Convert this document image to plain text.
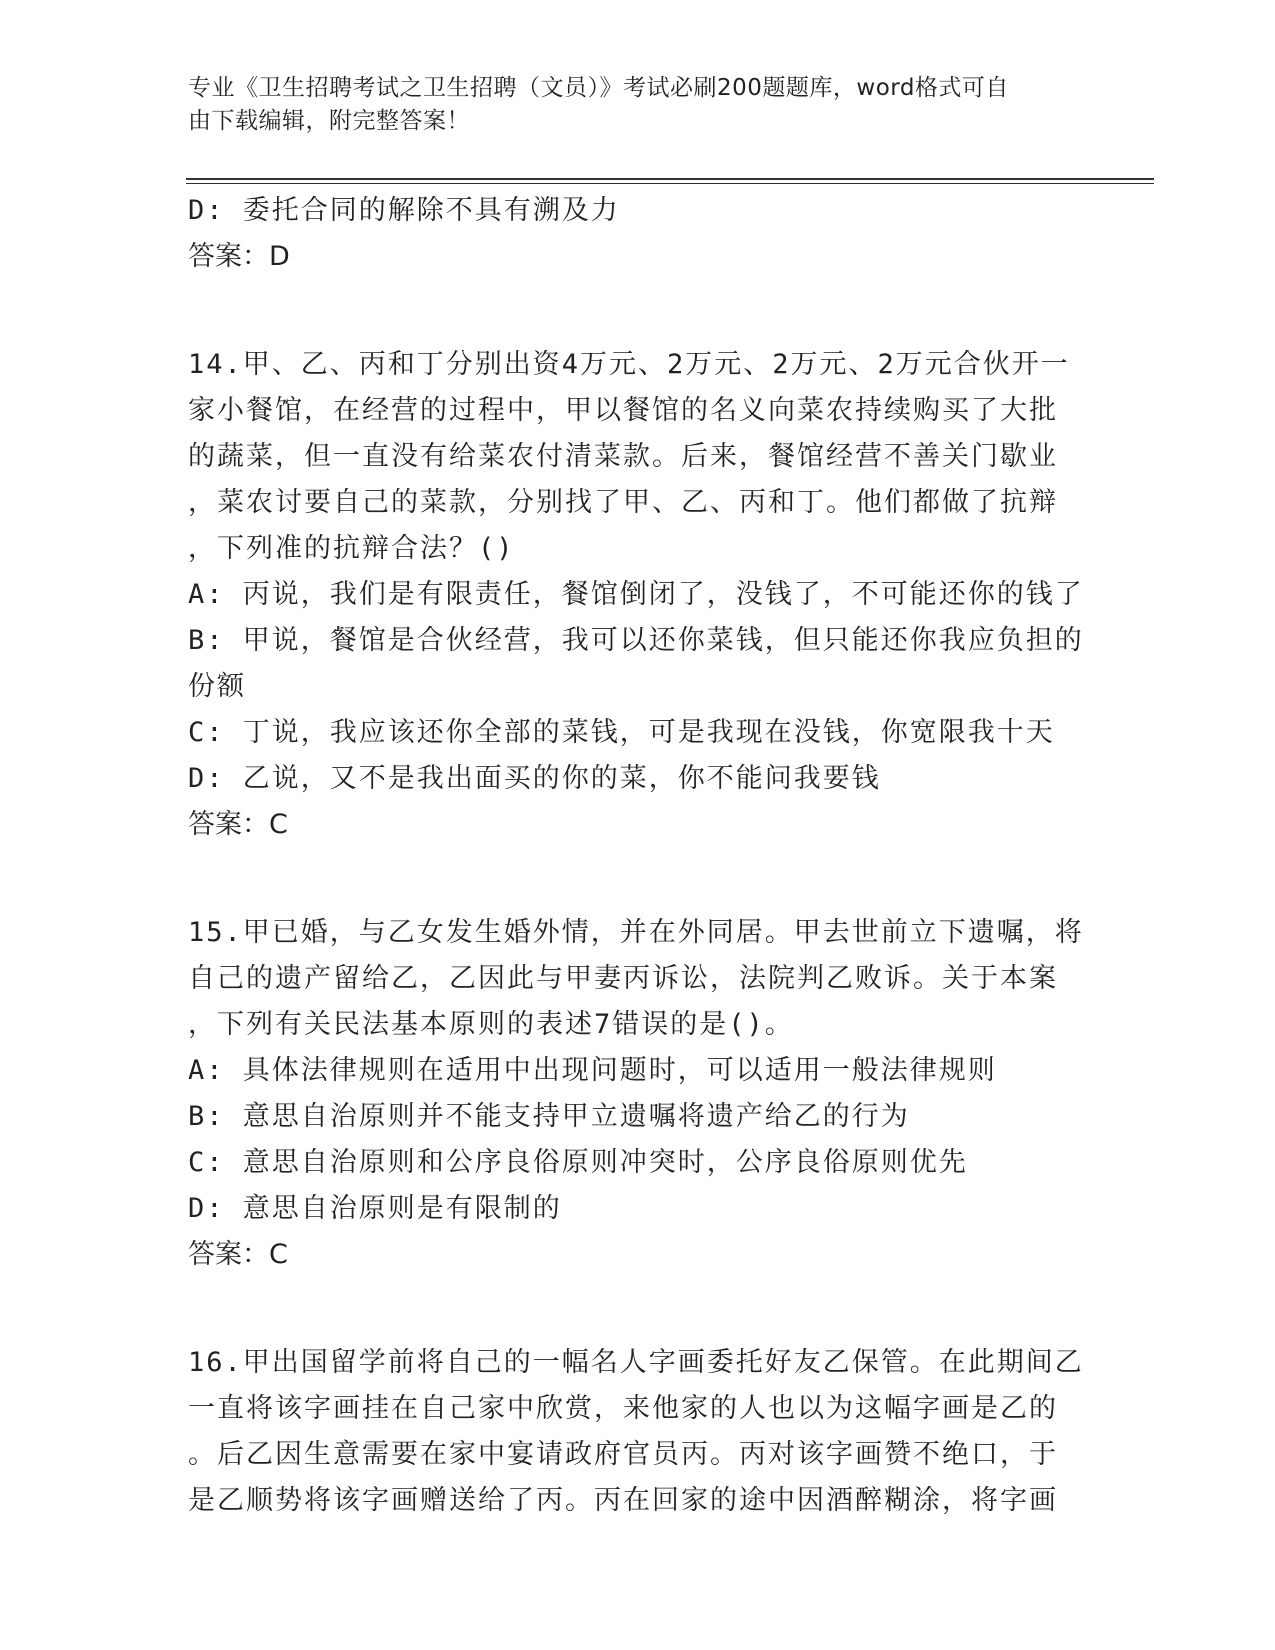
专业《卫生招聘考试之卫生招聘（文员）》考试必刷200题题库，word格式可自
由下载编辑，附完整答案！
D: 委托合同的解除不具有溯及力
答案：D
14.甲、乙、丙和丁分别出资4万元、2万元、2万元、2万元合伙开一
家小餐馆，在经营的过程中，甲以餐馆的名义向菜农持续购买了大批
的蔬菜，但一直没有给菜农付清菜款。后来，餐馆经营不善关门歇业
，菜农讨要自己的菜款，分别找了甲、乙、丙和丁。他们都做了抗辩
，下列准的抗辩合法？()
A: 丙说，我们是有限责任，餐馆倒闭了，没钱了，不可能还你的钱了
B: 甲说，餐馆是合伙经营，我可以还你菜钱，但只能还你我应负担的
份额
C: 丁说，我应该还你全部的菜钱，可是我现在没钱，你宽限我十天
D: 乙说，又不是我出面买的你的菜，你不能问我要钱
答案：C
15.甲已婚，与乙女发生婚外情，并在外同居。甲去世前立下遗嘱，将
自己的遗产留给乙，乙因此与甲妻丙诉讼，法院判乙败诉。关于本案
，下列有关民法基本原则的表述7错误的是()。
A: 具体法律规则在适用中出现问题时，可以适用一般法律规则
B: 意思自治原则并不能支持甲立遗嘱将遗产给乙的行为
C: 意思自治原则和公序良俗原则冲突时，公序良俗原则优先
D: 意思自治原则是有限制的
答案：C
16.甲出国留学前将自己的一幅名人字画委托好友乙保管。在此期间乙
一直将该字画挂在自己家中欣赏，来他家的人也以为这幅字画是乙的
。后乙因生意需要在家中宴请政府官员丙。丙对该字画赞不绝口，于
是乙顺势将该字画赠送给了丙。丙在回家的途中因酒醉糊涂，将字画
